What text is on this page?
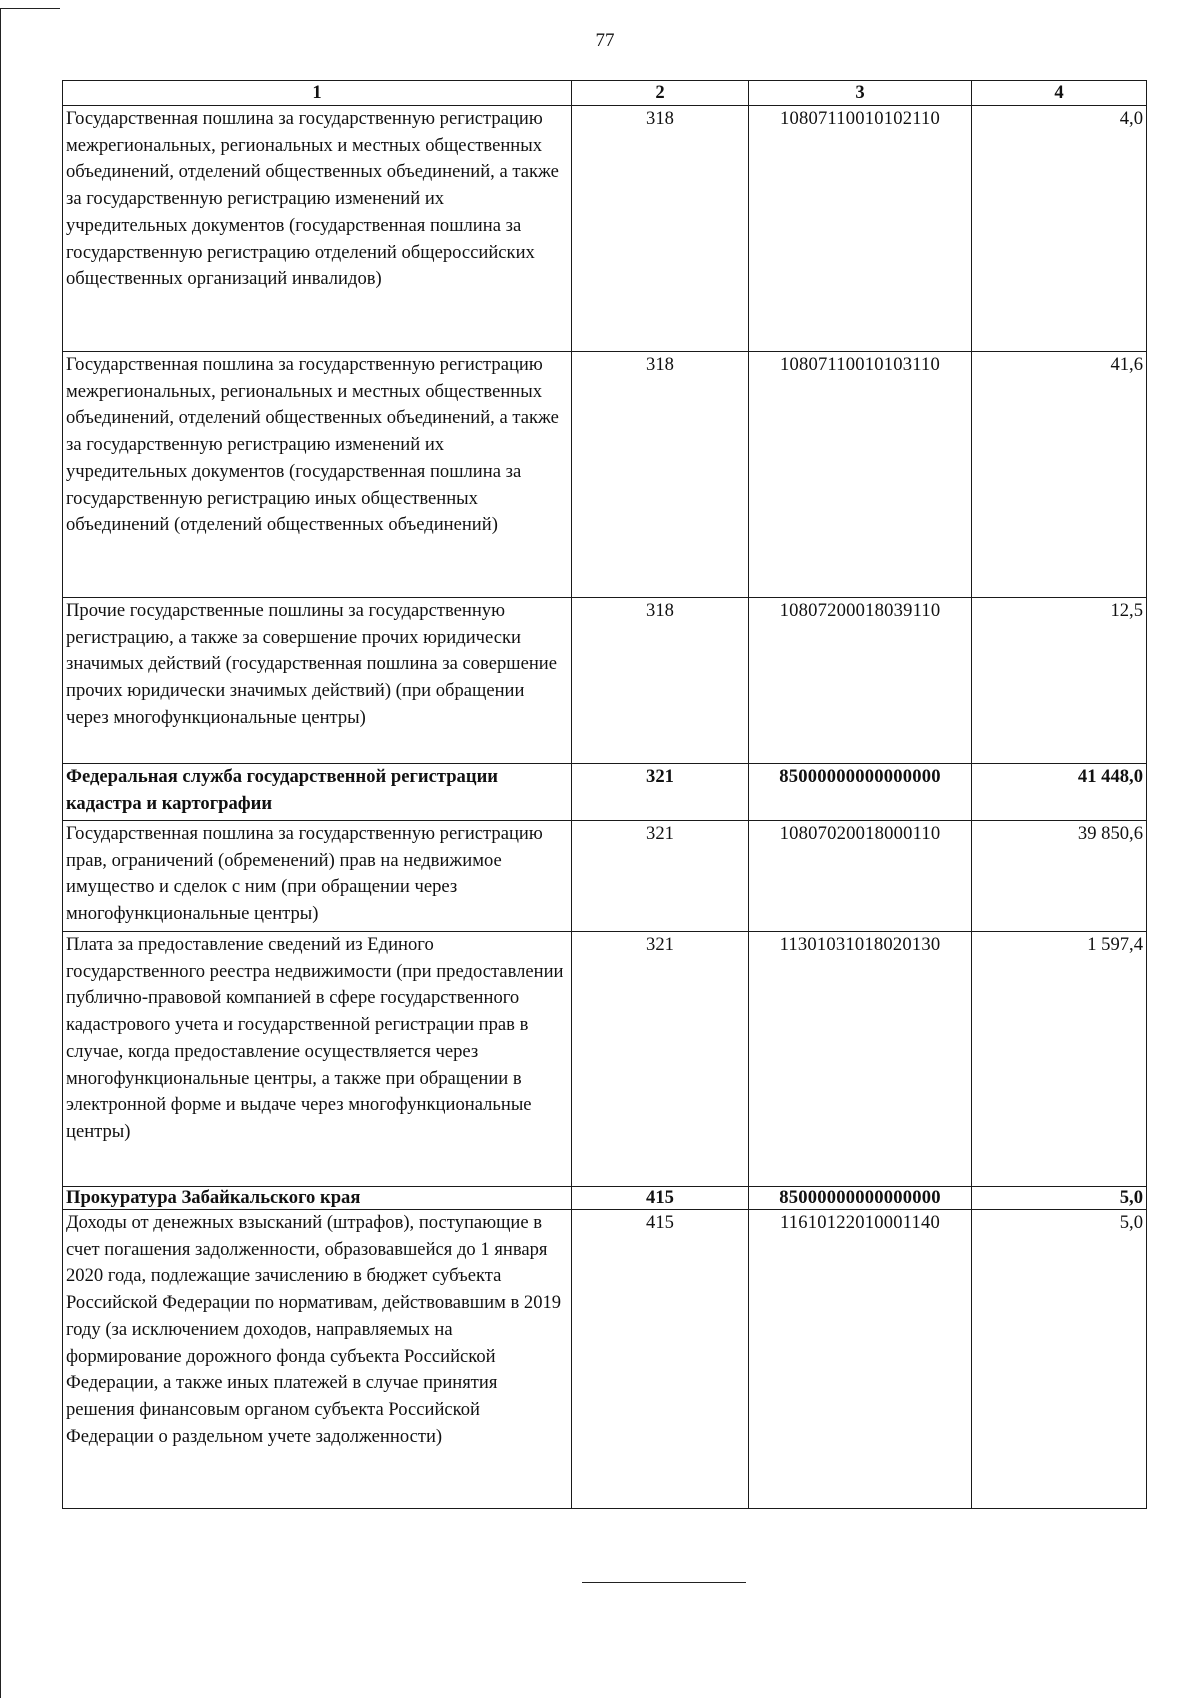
77
1	2	3	4
Государственная пошлина за государственную регистрацию межрегиональных, региональных и местных общественных объединений, отделений общественных объединений, а также за государственную регистрацию изменений их учредительных документов (государственная пошлина за государственную регистрацию отделений общероссийских общественных организаций инвалидов)	318	10807110010102110	4,0
Государственная пошлина за государственную регистрацию межрегиональных, региональных и местных общественных объединений, отделений общественных объединений, а также за государственную регистрацию изменений их учредительных документов (государственная пошлина за государственную регистрацию иных общественных объединений (отделений общественных объединений)	318	10807110010103110	41,6
Прочие государственные пошлины за государственную регистрацию, а также за совершение прочих юридически значимых действий (государственная пошлина за совершение прочих юридически значимых действий) (при обращении через многофункциональные центры)	318	10807200018039110	12,5
Федеральная служба государственной регистрации кадастра и картографии	321	85000000000000000	41 448,0
Государственная пошлина за государственную регистрацию прав, ограничений (обременений) прав на недвижимое имущество и сделок с ним (при обращении через многофункциональные центры)	321	10807020018000110	39 850,6
Плата за предоставление сведений из Единого государственного реестра недвижимости (при предоставлении публично-правовой компанией в сфере государственного кадастрового учета и государственной регистрации прав в случае, когда предоставление осуществляется через многофункциональные центры, а также при обращении в электронной форме и выдаче через многофункциональные центры)	321	11301031018020130	1 597,4
Прокуратура Забайкальского края	415	85000000000000000	5,0
Доходы от денежных взысканий (штрафов), поступающие в счет погашения задолженности, образовавшейся до 1 января 2020 года, подлежащие зачислению в бюджет субъекта Российской Федерации по нормативам, действовавшим в 2019 году (за исключением доходов, направляемых на формирование дорожного фонда субъекта Российской Федерации, а также иных платежей в случае принятия решения финансовым органом субъекта Российской Федерации о раздельном учете задолженности)	415	11610122010001140	5,0
